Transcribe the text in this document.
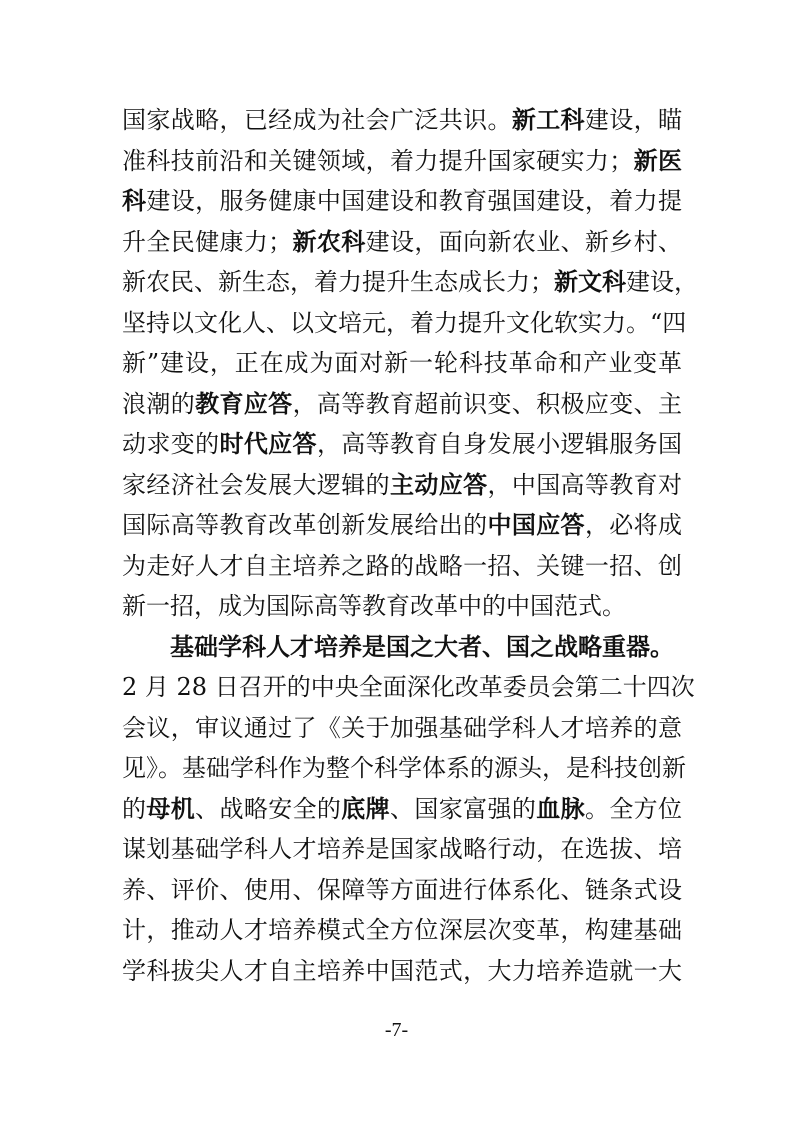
国家战略，已经成为社会广泛共识。新工科建设，瞄
准科技前沿和关键领域，着力提升国家硬实力；新医
科建设，服务健康中国建设和教育强国建设，着力提
升全民健康力；新农科建设，面向新农业、新乡村、
新农民、新生态，着力提升生态成长力；新文科建设，
坚持以文化人、以文培元，着力提升文化软实力。“四
新”建设，正在成为面对新一轮科技革命和产业变革
浪潮的教育应答，高等教育超前识变、积极应变、主
动求变的时代应答，高等教育自身发展小逻辑服务国
家经济社会发展大逻辑的主动应答，中国高等教育对
国际高等教育改革创新发展给出的中国应答，必将成
为走好人才自主培养之路的战略一招、关键一招、创
新一招，成为国际高等教育改革中的中国范式。
基础学科人才培养是国之大者、国之战略重器。
2 月 28 日召开的中央全面深化改革委员会第二十四次
会议，审议通过了《关于加强基础学科人才培养的意
见》。基础学科作为整个科学体系的源头，是科技创新
的母机、战略安全的底牌、国家富强的血脉。全方位
谋划基础学科人才培养是国家战略行动，在选拔、培
养、评价、使用、保障等方面进行体系化、链条式设
计，推动人才培养模式全方位深层次变革，构建基础
学科拔尖人才自主培养中国范式，大力培养造就一大
-7-
